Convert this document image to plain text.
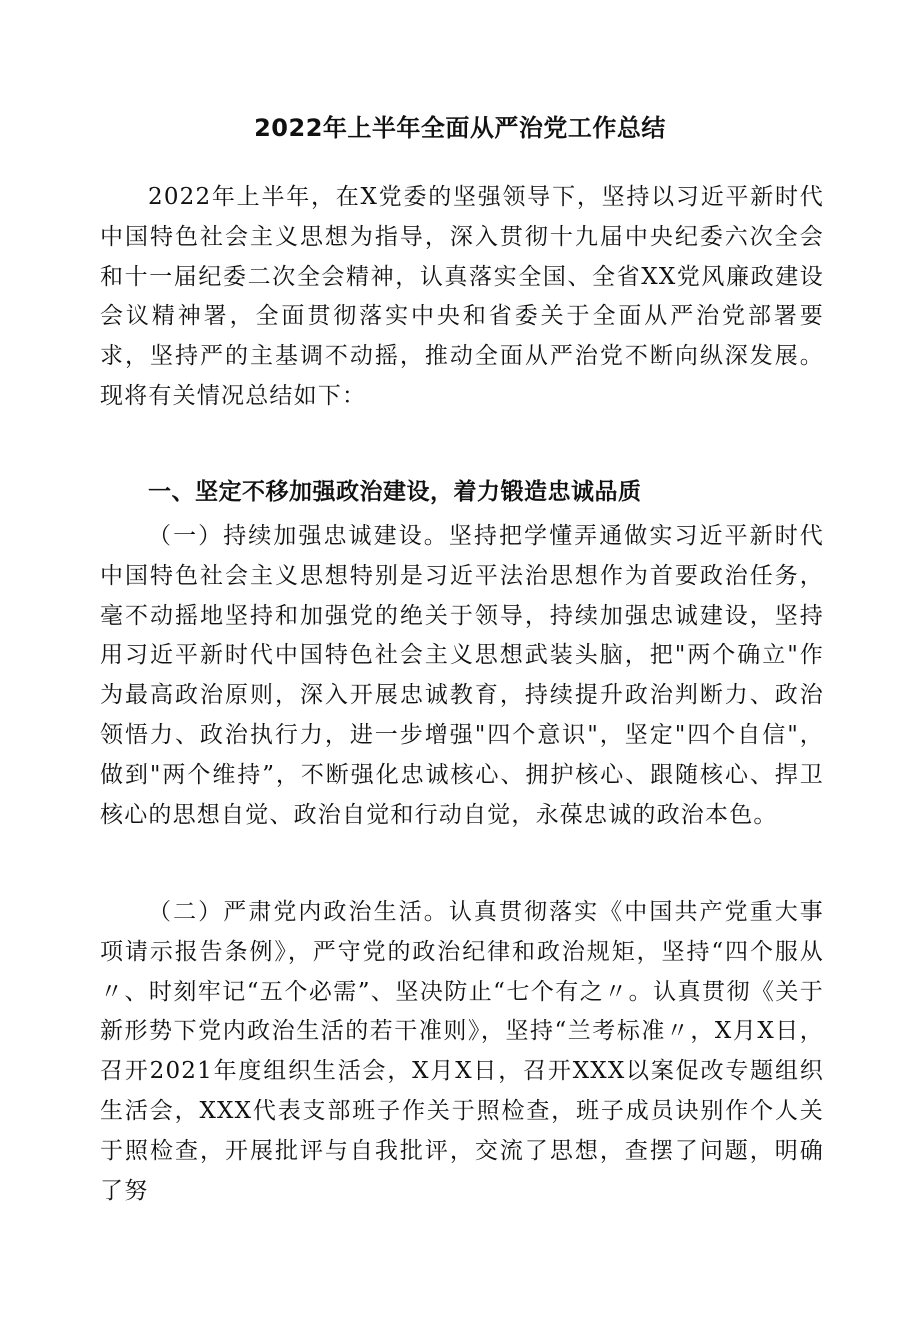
2022年上半年全面从严治党工作总结

2022年上半年，在X党委的坚强领导下，坚持以习近平新时代中国特色社会主义思想为指导，深入贯彻十九届中央纪委六次全会和十一届纪委二次全会精神，认真落实全国、全省XX党风廉政建设会议精神署，全面贯彻落实中央和省委关于全面从严治党部署要求，坚持严的主基调不动摇，推动全面从严治党不断向纵深发展。现将有关情况总结如下：

一、坚定不移加强政治建设，着力锻造忠诚品质

（一）持续加强忠诚建设。坚持把学懂弄通做实习近平新时代中国特色社会主义思想特别是习近平法治思想作为首要政治任务，毫不动摇地坚持和加强党的绝关于领导，持续加强忠诚建设，坚持用习近平新时代中国特色社会主义思想武装头脑，把"两个确立"作为最高政治原则，深入开展忠诚教育，持续提升政治判断力、政治领悟力、政治执行力，进一步增强"四个意识"，坚定"四个自信"，做到"两个维持”，不断强化忠诚核心、拥护核心、跟随核心、捍卫核心的思想自觉、政治自觉和行动自觉，永葆忠诚的政治本色。

（二）严肃党内政治生活。认真贯彻落实《中国共产党重大事项请示报告条例》，严守党的政治纪律和政治规矩，坚持“四个服从〃、时刻牢记“五个必需”、坚决防止“七个有之〃。认真贯彻《关于新形势下党内政治生活的若干准则》，坚持“兰考标准〃，X月X日，召开2021年度组织生活会，X月X日，召开XXX以案促改专题组织生活会，XXX代表支部班子作关于照检查，班子成员诀别作个人关于照检查，开展批评与自我批评，交流了思想，查摆了问题，明确了努
